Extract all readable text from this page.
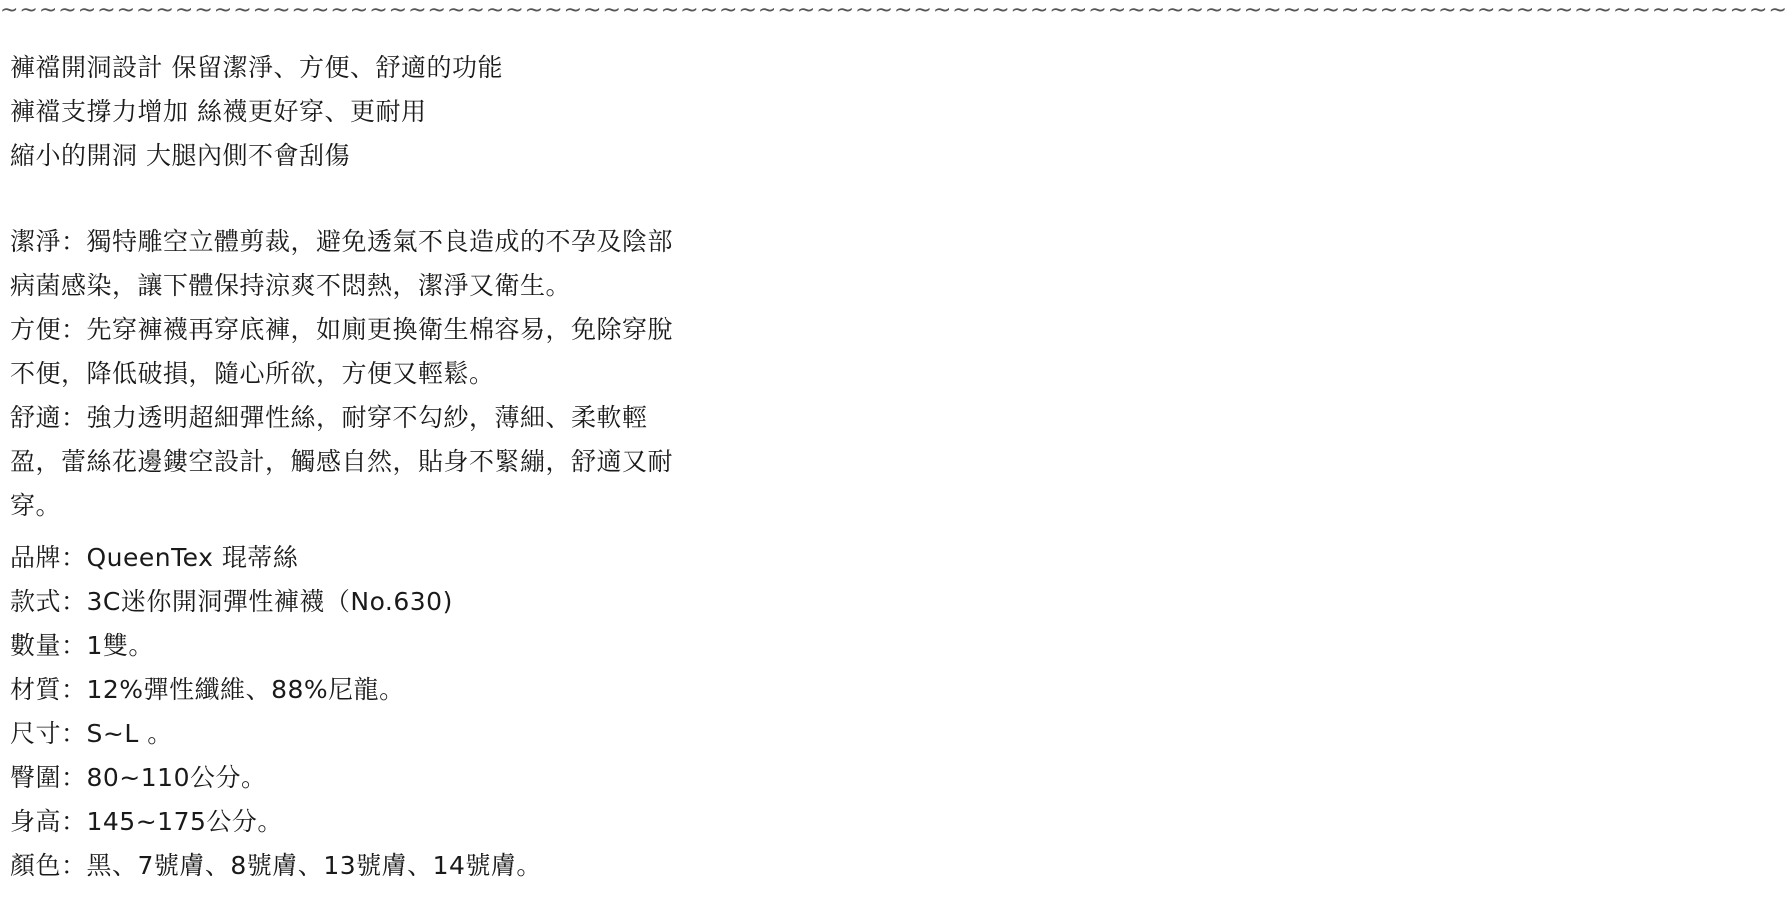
~~~~~~~~~~~~~~~~~~~~~~~~~~~~~~~~~~~~~~~~~~~~~~~~~~~~~~~~~~~~~~~~~~~~~~~~~~~~~~~~~~~~~~~~~~~~
褲襠開洞設計 保留潔淨、方便、舒適的功能
褲襠支撐力增加 絲襪更好穿、更耐用
縮小的開洞 大腿內側不會刮傷
潔淨：獨特雕空立體剪裁，避免透氣不良造成的不孕及陰部
病菌感染，讓下體保持涼爽不悶熱，潔淨又衛生。
方便：先穿褲襪再穿底褲，如廁更換衛生棉容易，免除穿脫
不便，降低破損，隨心所欲，方便又輕鬆。
舒適：強力透明超細彈性絲，耐穿不勾紗，薄細、柔軟輕
盈，蕾絲花邊鏤空設計，觸感自然，貼身不緊繃，舒適又耐
穿。
品牌：QueenTex 琨蒂絲
款式：3C迷你開洞彈性褲襪（No.630)
數量：1雙。
材質：12%彈性纖維、88%尼龍。
尺寸：S~L 。
臀圍：80~110公分。
身高：145~175公分。
顏色：黑、7號膚、8號膚、13號膚、14號膚。
